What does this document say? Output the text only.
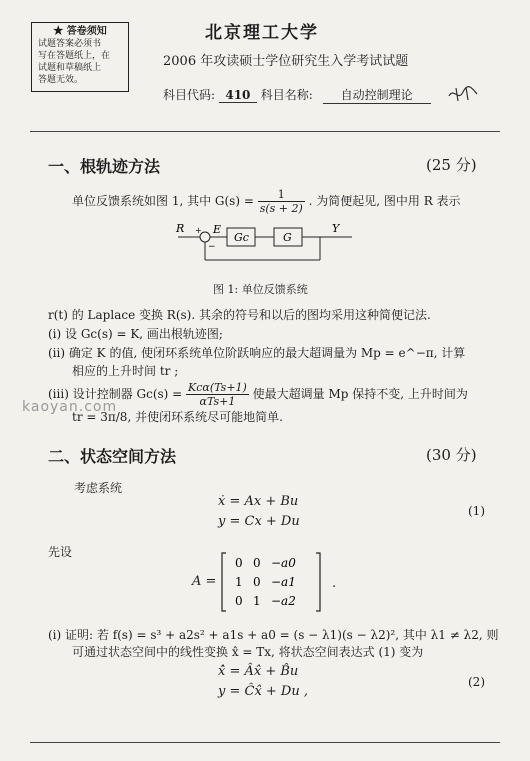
★ 答卷须知
试题答案必须书
写在答题纸上，在
试题和草稿纸上
答题无效。
北京理工大学
2006 年攻读硕士学位研究生入学考试试题
科目代码: 410 科目名称: 自动控制理论
一、根轨迹方法	(25 分)
单位反馈系统如图 1, 其中 $G(s) = \frac{1}{s(s + 2)}$ . 为简便起见, 图中用 R 表示
R +
−
E
Gc	G
Y
图 1: 单位反馈系统
r(t) 的 Laplace 变换 R(s). 其余的符号和以后的图均采用这种简便记法.
(i) 设 Gc(s) = K, 画出根轨迹图;
(ii) 确定 K 的值, 使闭环系统单位阶跃响应的最大超调量为 Mp = e^−π, 计算
相应的上升时间 tr ;
(iii) 设计控制器 $Gc(s) = \frac{\text{Kcα(Ts+1)}}{\text{αTs+1}}$ 使最大超调量 Mp 保持不变, 上升时间为
tr = 3π/8, 并使闭环系统尽可能地简单.
kaoyan.com
二、状态空间方法	(30 分)
考虑系统
ẋ = Ax + Bu
y = Cx + Du
(1)
先设
A =
0 0 −a0
1 0 −a1
0 1 −a2
.
(i) 证明: 若 f(s) = s³ + a2s² + a1s + a0 = (s − λ1)(s − λ2)², 其中 λ1 ≠ λ2, 则
可通过状态空间中的线性变换 x̂ = Tx, 将状态空间表达式 (1) 变为
x̂̇ = Âx̂ + B̂u
y = Ĉx̂ + Du ,
(2)
